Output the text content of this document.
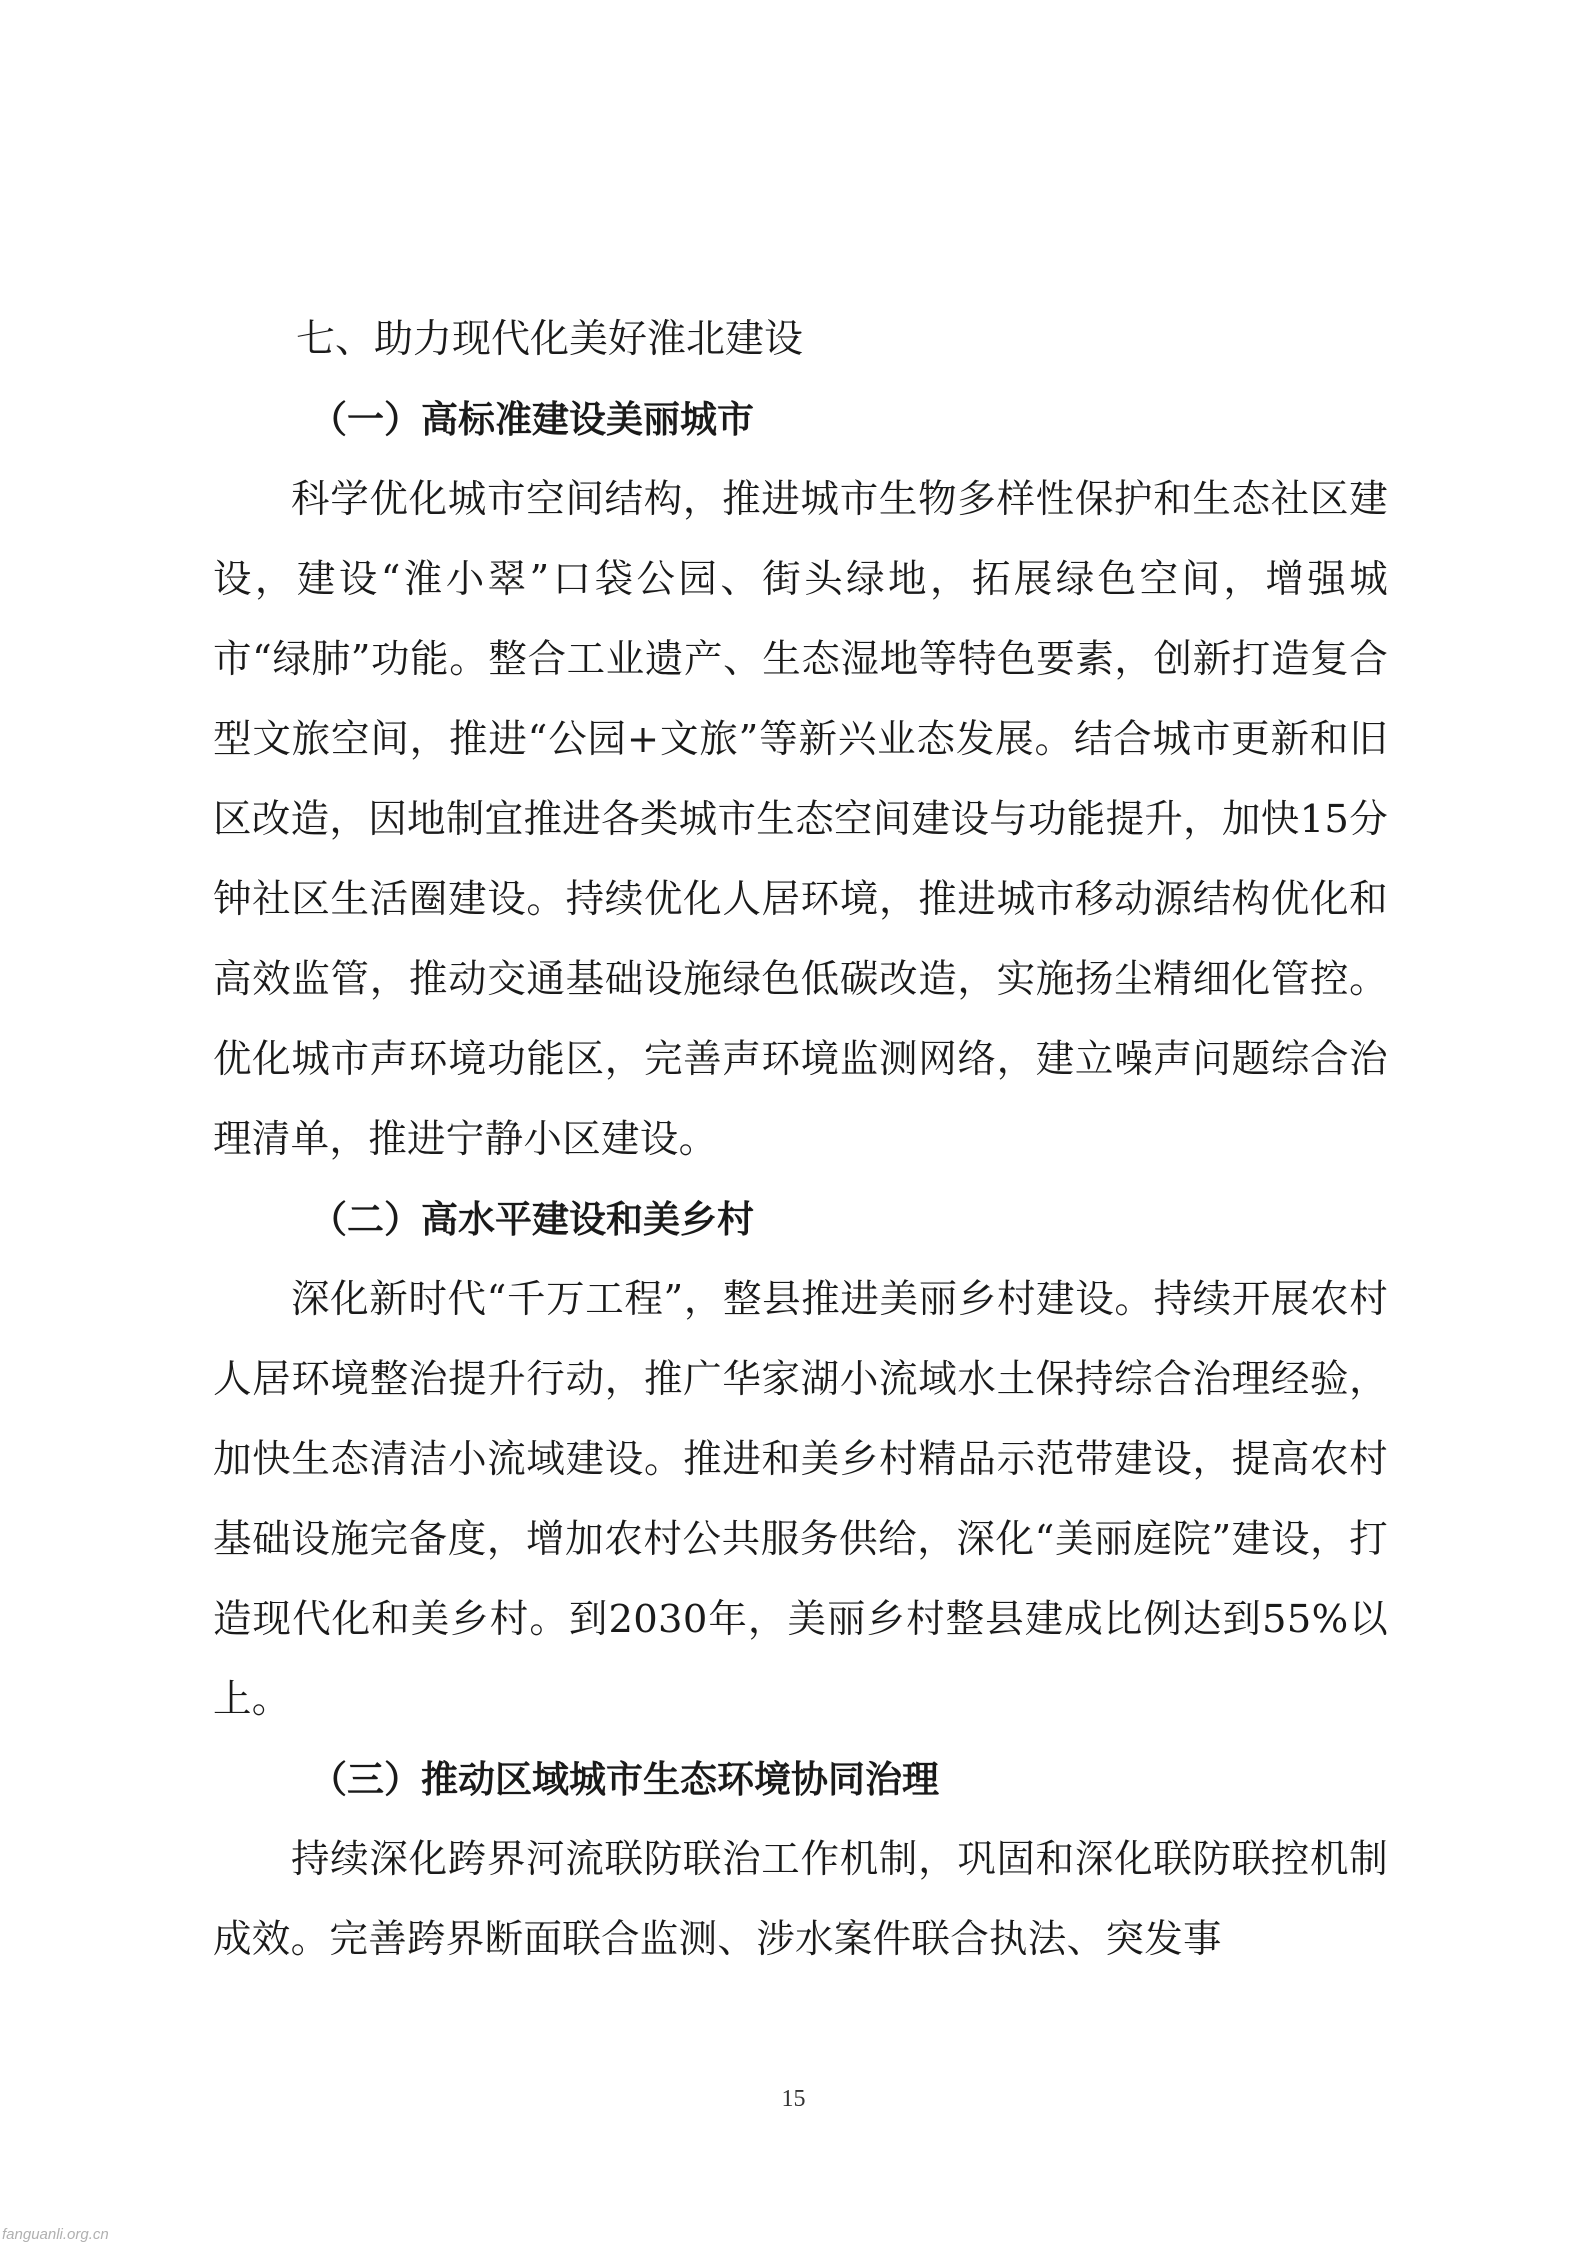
七、助力现代化美好淮北建设
（一）高标准建设美丽城市

科学优化城市空间结构，推进城市生物多样性保护和生态社区建设，建设“淮小翠”口袋公园、街头绿地，拓展绿色空间，增强城市“绿肺”功能。整合工业遗产、生态湿地等特色要素，创新打造复合型文旅空间，推进“公园+文旅”等新兴业态发展。结合城市更新和旧区改造，因地制宜推进各类城市生态空间建设与功能提升，加快15分钟社区生活圈建设。持续优化人居环境，推进城市移动源结构优化和高效监管，推动交通基础设施绿色低碳改造，实施扬尘精细化管控。优化城市声环境功能区，完善声环境监测网络，建立噪声问题综合治理清单，推进宁静小区建设。

（二）高水平建设和美乡村

深化新时代“千万工程”，整县推进美丽乡村建设。持续开展农村人居环境整治提升行动，推广华家湖小流域水土保持综合治理经验，加快生态清洁小流域建设。推进和美乡村精品示范带建设，提高农村基础设施完备度，增加农村公共服务供给，深化“美丽庭院”建设，打造现代化和美乡村。到2030年，美丽乡村整县建成比例达到55%以上。

（三）推动区域城市生态环境协同治理

持续深化跨界河流联防联治工作机制，巩固和深化联防联控机制成效。完善跨界断面联合监测、涉水案件联合执法、突发事

15
fanguanli.org.cn
